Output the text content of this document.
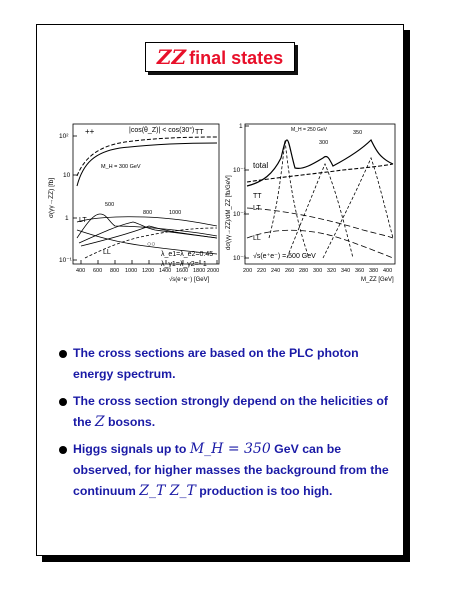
ZZ final states
σ(γγ→ZZ) [fb]
10²
10
1
10⁻¹
400 600 800 1000 1200 1400 1600 1800 2000
√s(e⁺e⁻) [GeV]
++	|cos(θ_Z)| < cos(30°) TT
M_H = 300 GeV
500
800	1000
LT
LL
○○
λ_e1=λ_e2=0.45
λ_γ1=λ_γ2=−1
dσ(γγ→ZZ)/dM_ZZ [fb/GeV]
1
10⁻¹
10⁻²
10⁻³
200 220 240 260 280 300 320 340 360 380 400
M_ZZ [GeV]
M_H = 250 GeV
300
350
total
TT
LT
LL
√s(e⁺e⁻) = 500 GeV
The cross sections are based on the PLC photon energy spectrum.
The cross section strongly depend on the helicities of the Z bosons.
Higgs signals up to M_H = 350 GeV can be observed, for higher masses the background from the continuum Z_T Z_T production is too high.
